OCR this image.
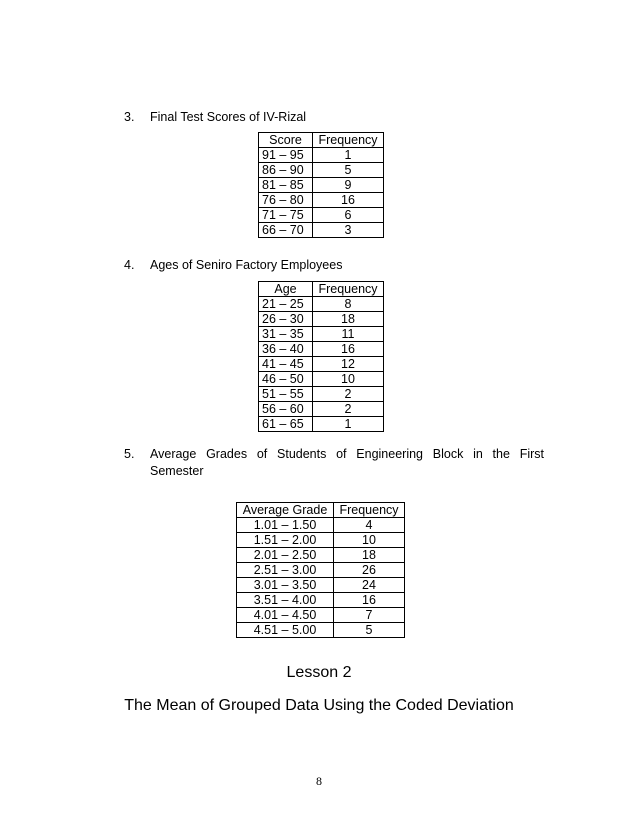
3. Final Test Scores of IV-Rizal
Score	Frequency
91 – 95	1
86 – 90	5
81 – 85	9
76 – 80	16
71 – 75	6
66 – 70	3
4. Ages of Seniro Factory Employees
Age	Frequency
21 – 25	8
26 – 30	18
31 – 35	11
36 – 40	16
41 – 45	12
46 – 50	10
51 – 55	2
56 – 60	2
61 – 65	1
5.	Average Grades of Students of Engineering Block in the First
Semester
Average Grade	Frequency
1.01 – 1.50	4
1.51 – 2.00	10
2.01 – 2.50	18
2.51 – 3.00	26
3.01 – 3.50	24
3.51 – 4.00	16
4.01 – 4.50	7
4.51 – 5.00	5
Lesson 2
The Mean of Grouped Data Using the Coded Deviation
8
